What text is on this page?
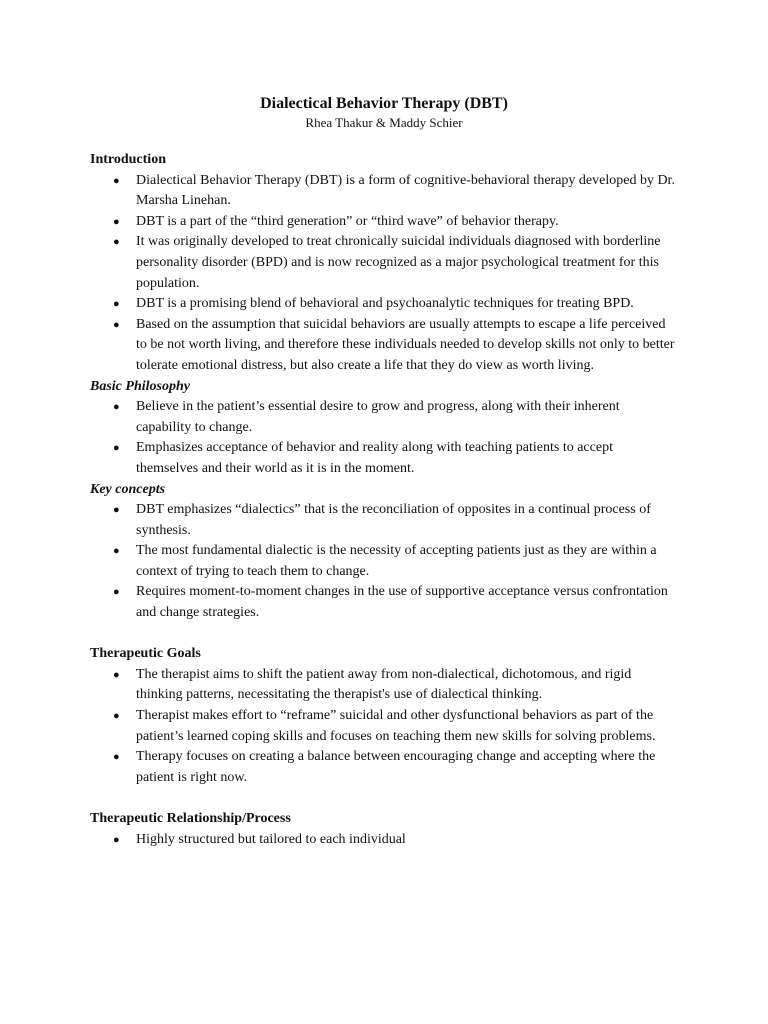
Dialectical Behavior Therapy (DBT)

Rhea Thakur & Maddy Schier

Introduction

● Dialectical Behavior Therapy (DBT) is a form of cognitive-behavioral therapy developed by Dr. Marsha Linehan.
● DBT is a part of the “third generation” or “third wave” of behavior therapy.
● It was originally developed to treat chronically suicidal individuals diagnosed with borderline personality disorder (BPD) and is now recognized as a major psychological treatment for this population.
● DBT is a promising blend of behavioral and psychoanalytic techniques for treating BPD.
● Based on the assumption that suicidal behaviors are usually attempts to escape a life perceived to be not worth living, and therefore these individuals needed to develop skills not only to better tolerate emotional distress, but also create a life that they do view as worth living.

Basic Philosophy

● Believe in the patient’s essential desire to grow and progress, along with their inherent capability to change.
● Emphasizes acceptance of behavior and reality along with teaching patients to accept themselves and their world as it is in the moment.

Key concepts

● DBT emphasizes “dialectics” that is the reconciliation of opposites in a continual process of synthesis.
● The most fundamental dialectic is the necessity of accepting patients just as they are within a context of trying to teach them to change.
● Requires moment-to-moment changes in the use of supportive acceptance versus confrontation and change strategies.

Therapeutic Goals

● The therapist aims to shift the patient away from non-dialectical, dichotomous, and rigid thinking patterns, necessitating the therapist's use of dialectical thinking.
● Therapist makes effort to “reframe” suicidal and other dysfunctional behaviors as part of the patient’s learned coping skills and focuses on teaching them new skills for solving problems.
● Therapy focuses on creating a balance between encouraging change and accepting where the patient is right now.

Therapeutic Relationship/Process

● Highly structured but tailored to each individual
